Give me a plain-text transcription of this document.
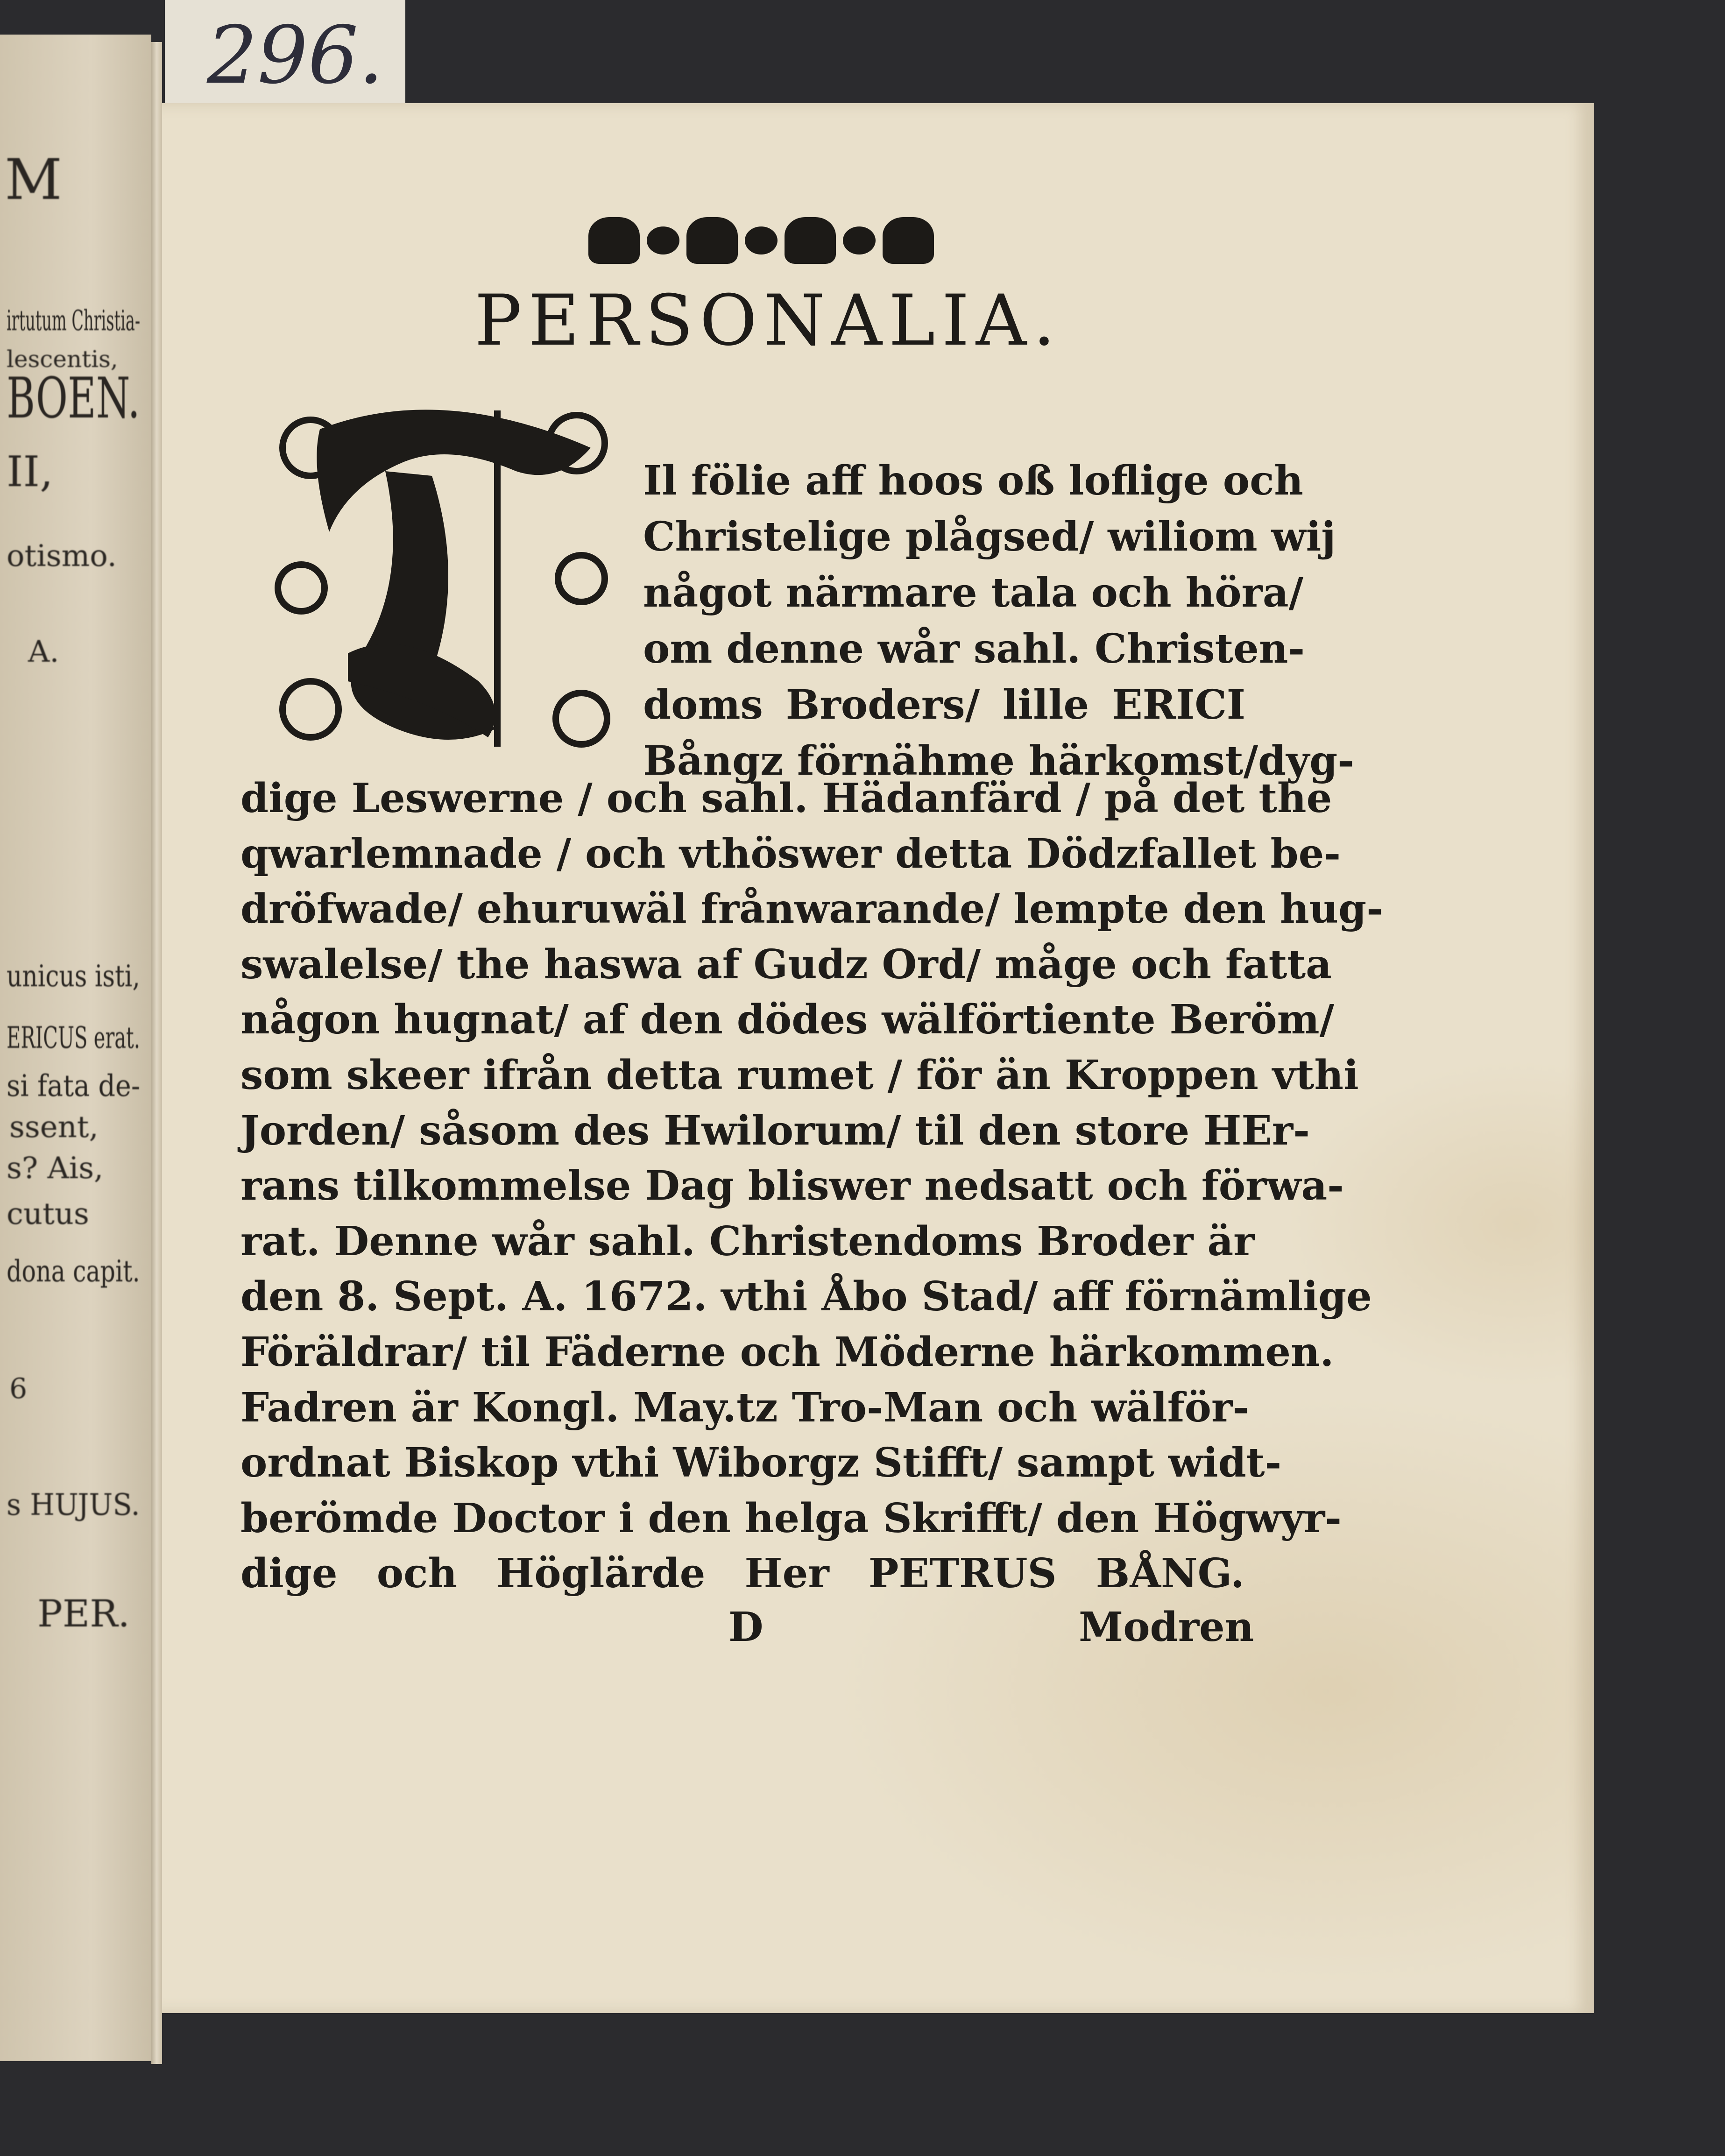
M
irtutum Christia-
lescentis,
BOEN.
II,
otismo.
A.
unicus isti,
ERICUS erat.
si fata de-
ssent,
s? Ais,
cutus
dona capit.
6
s HUJUS.
PER.
296.
PERSONALIA.
Il fölie aff hoos oß loflige och
Christelige plågsed/ wiliom wij
något närmare tala och höra/
om denne wår sahl. Christen-
doms Broders/ lille ERICI
Bångz förnähme härkomst/dyg-
dige Leswerne / och sahl. Hädanfärd / på det the
qwarlemnade / och vthöswer detta Dödzfallet be-
dröfwade/ ehuruwäl frånwarande/ lempte den hug-
swalelse/ the haswa af Gudz Ord/ måge och fatta
någon hugnat/ af den dödes wälförtiente Beröm/
som skeer ifrån detta rumet / för än Kroppen vthi
Jorden/ såsom des Hwilorum/ til den store HEr-
rans tilkommelse Dag bliswer nedsatt och förwa-
rat. Denne wår sahl. Christendoms Broder är
den 8. Sept. A. 1672. vthi Åbo Stad/ aff förnämlige
Föräldrar/ til Fäderne och Möderne härkommen.
Fadren är Kongl. May.tz Tro-Man och wälför-
ordnat Biskop vthi Wiborgz Stifft/ sampt widt-
berömde Doctor i den helga Skrifft/ den Högwyr-
dige och Höglärde Her PETRUS BÅNG.
D	Modren
